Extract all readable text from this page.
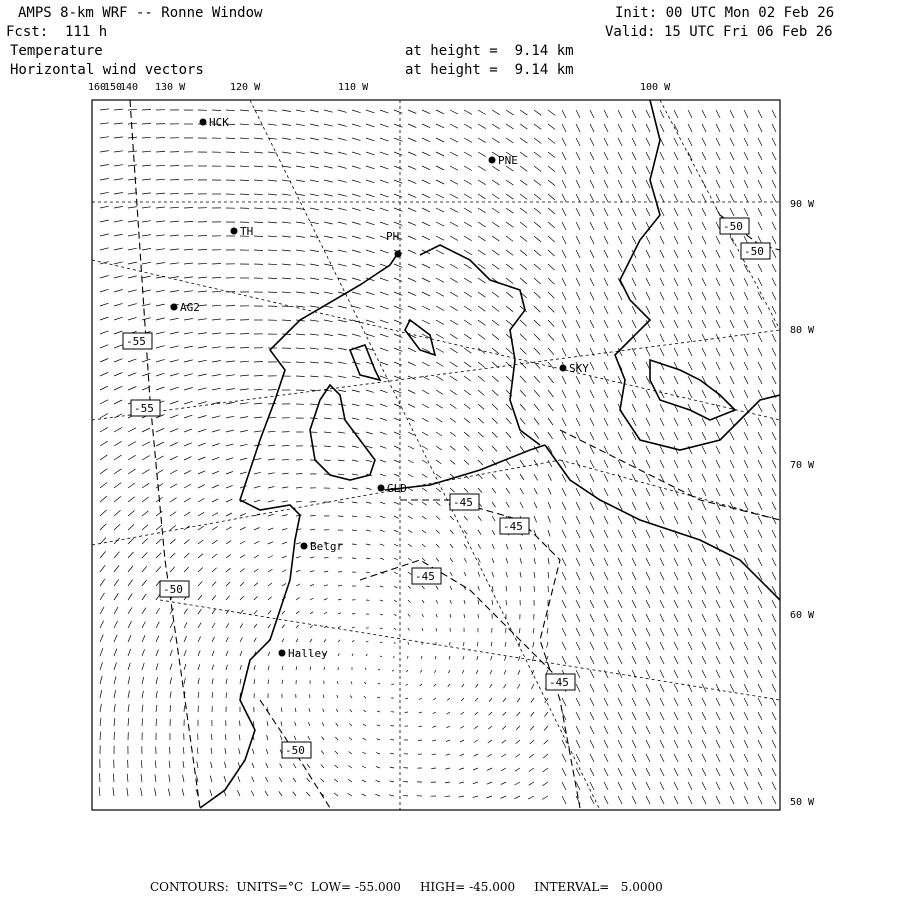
AMPS 8-km WRF -- Ronne Window	Init: 00 UTC Mon 02 Feb 26
Fcst:  111 h	Valid: 15 UTC Fri 06 Feb 26
Temperature	at height =  9.14 km
Horizontal wind vectors	at height =  9.14 km
160
150
140 130 W	120 W	110 W	100 W
90 W
80 W
70 W
60 W
50 W
HCK
PNE
TH	PH
AG2
SKY
GLD
Belgr
Halley
-50
-50
-55
-55
-45
-45
-45
-50
-45
-50
CONTOURS:  UNITS=°C  LOW= -55.000     HIGH= -45.000     INTERVAL=   5.0000
